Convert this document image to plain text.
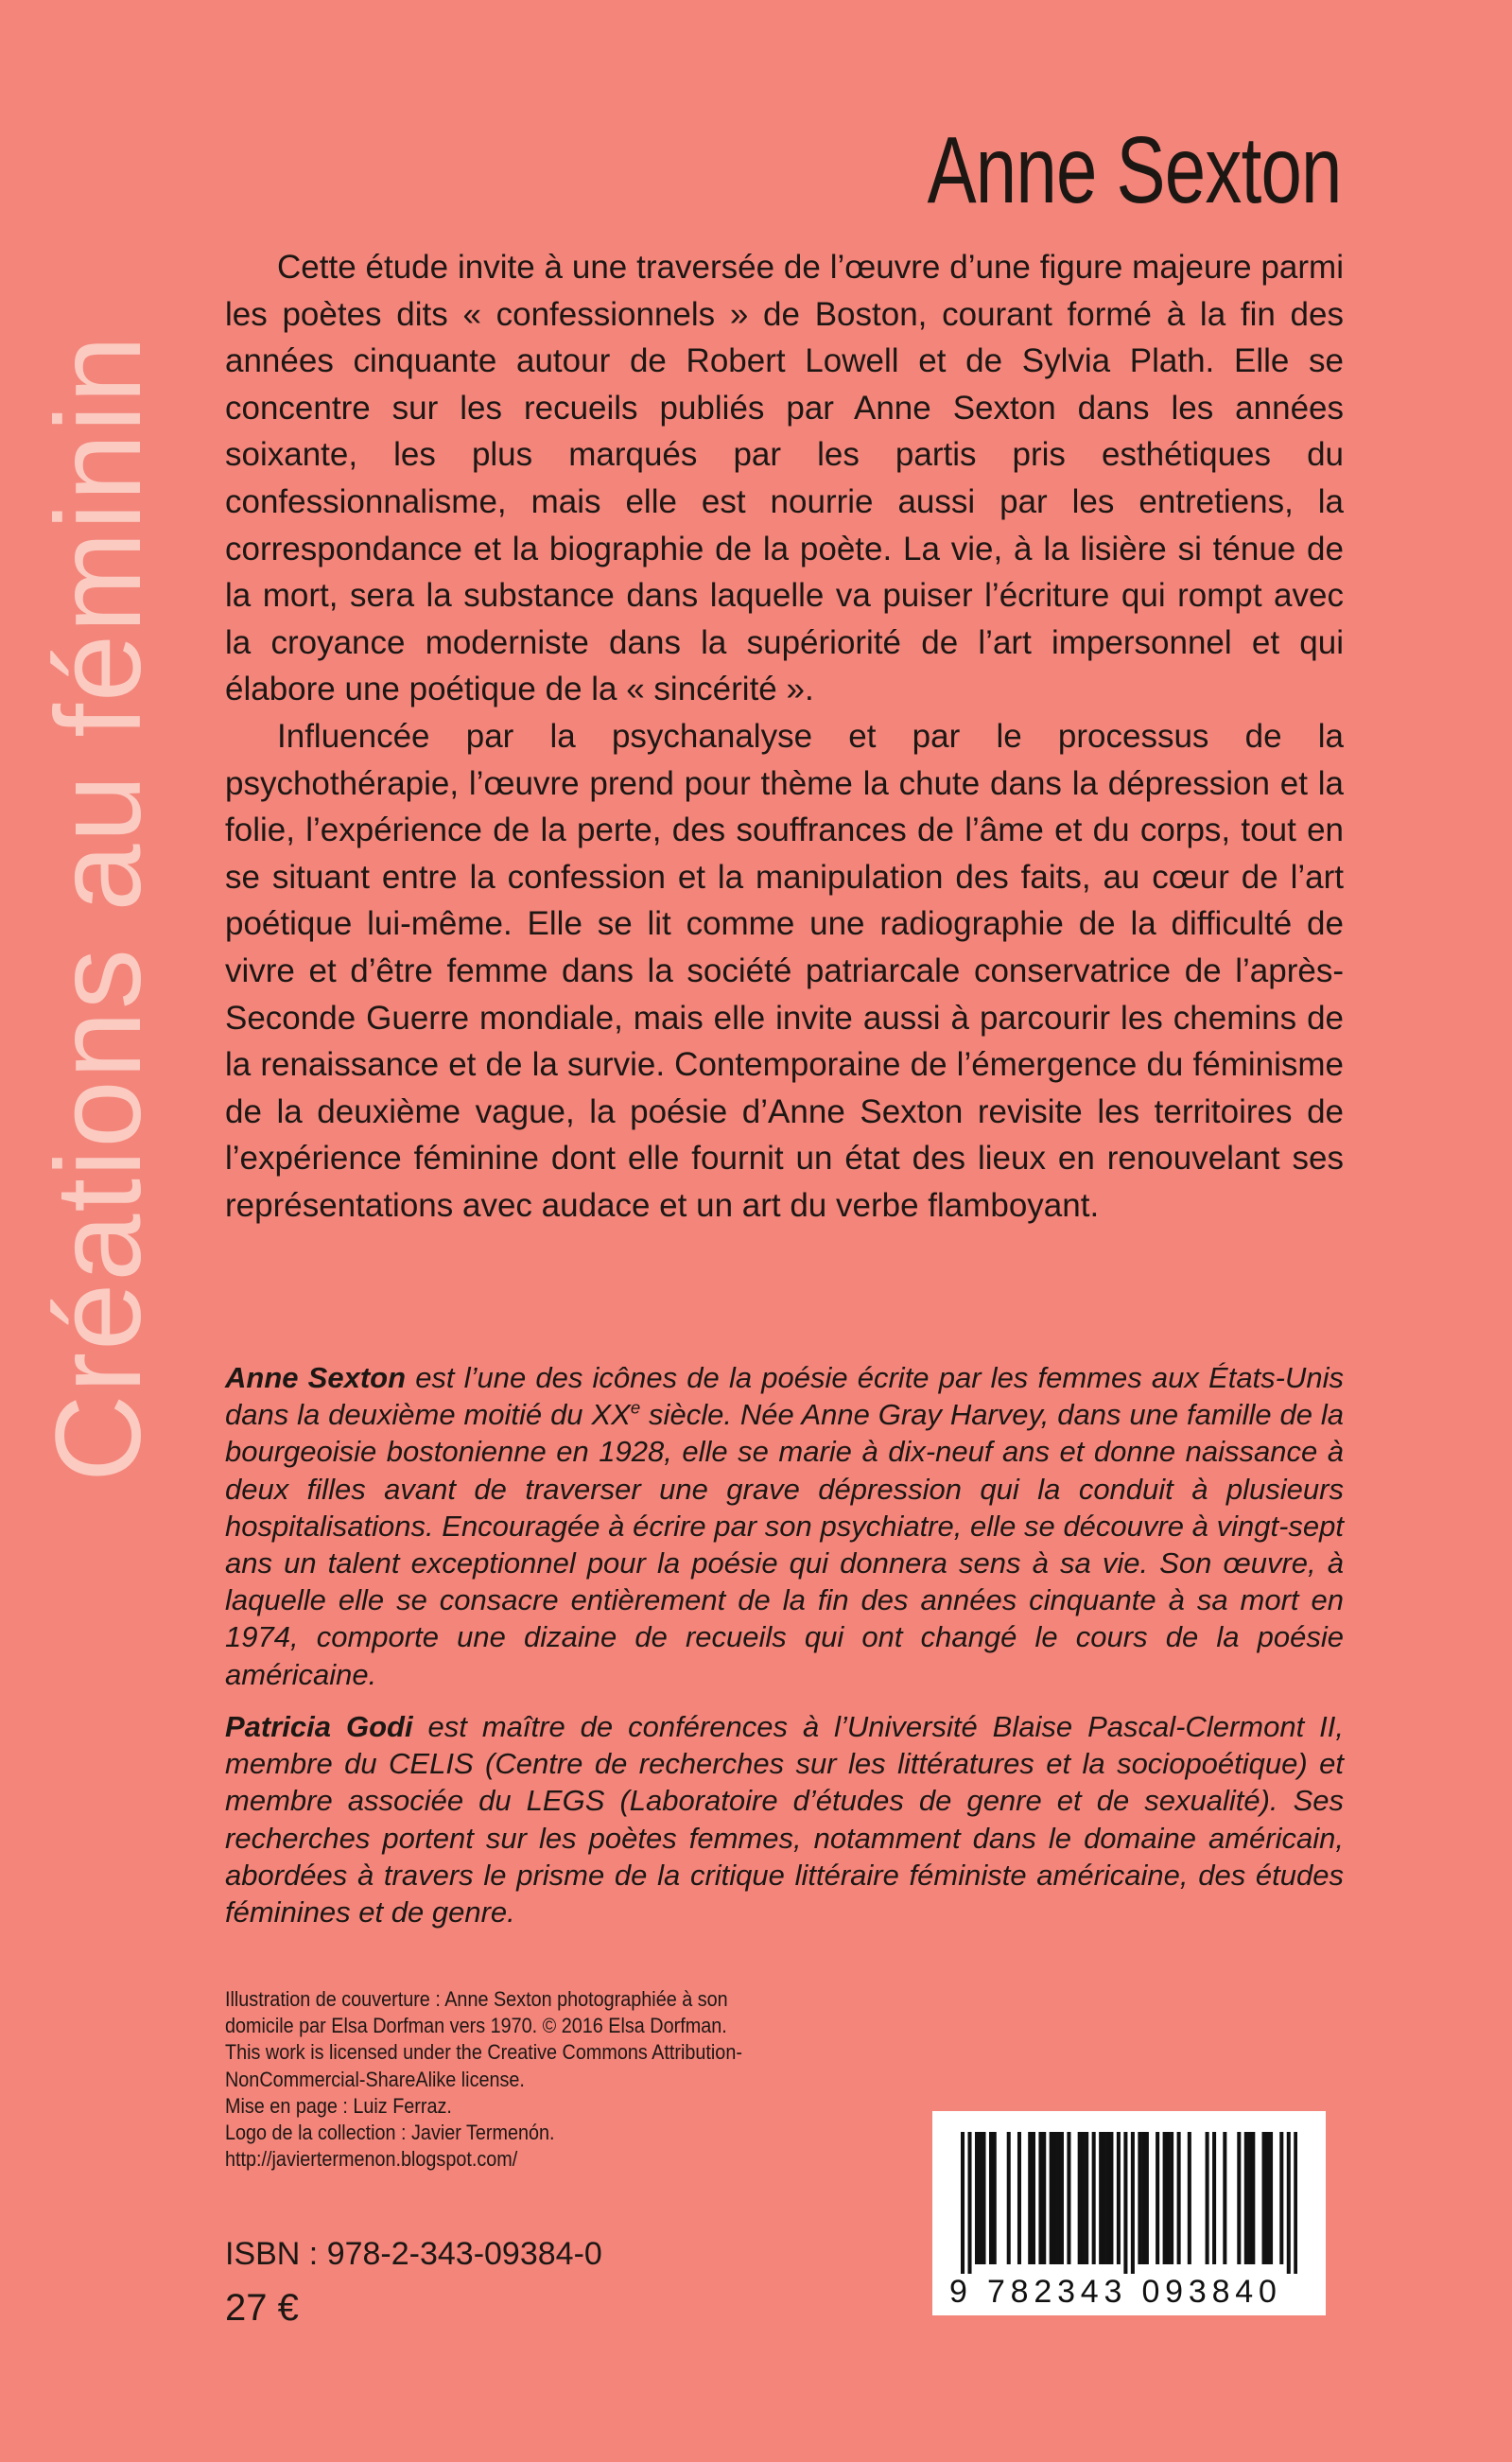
Créations au féminin
Anne Sexton

Cette étude invite à une traversée de l’œuvre d’une figure majeure parmi les poètes dits « confessionnels » de Boston, courant formé à la fin des années cinquante autour de Robert Lowell et de Sylvia Plath. Elle se concentre sur les recueils publiés par Anne Sexton dans les années soixante, les plus marqués par les partis pris esthétiques du confessionnalisme, mais elle est nourrie aussi par les entretiens, la correspondance et la biographie de la poète. La vie, à la lisière si ténue de la mort, sera la substance dans laquelle va puiser l’écriture qui rompt avec la croyance moderniste dans la supériorité de l’art impersonnel et qui élabore une poétique de la « sincérité ».

Influencée par la psychanalyse et par le processus de la psychothérapie, l’œuvre prend pour thème la chute dans la dépression et la folie, l’expérience de la perte, des souffrances de l’âme et du corps, tout en se situant entre la confession et la manipulation des faits, au cœur de l’art poétique lui-même. Elle se lit comme une radiographie de la difficulté de vivre et d’être femme dans la société patriarcale conservatrice de l’après-Seconde Guerre mondiale, mais elle invite aussi à parcourir les chemins de la renaissance et de la survie. Contemporaine de l’émergence du féminisme de la deuxième vague, la poésie d’Anne Sexton revisite les territoires de l’expérience féminine dont elle fournit un état des lieux en renouvelant ses représentations avec audace et un art du verbe flamboyant.

Anne Sexton est l’une des icônes de la poésie écrite par les femmes aux États-Unis dans la deuxième moitié du XXe siècle. Née Anne Gray Harvey, dans une famille de la bourgeoisie bostonienne en 1928, elle se marie à dix-neuf ans et donne naissance à deux filles avant de traverser une grave dépression qui la conduit à plusieurs hospitalisations. Encouragée à écrire par son psychiatre, elle se découvre à vingt-sept ans un talent exceptionnel pour la poésie qui donnera sens à sa vie. Son œuvre, à laquelle elle se consacre entièrement de la fin des années cinquante à sa mort en 1974, comporte une dizaine de recueils qui ont changé le cours de la poésie américaine.

Patricia Godi est maître de conférences à l’Université Blaise Pascal-Clermont II, membre du CELIS (Centre de recherches sur les littératures et la sociopoétique) et membre associée du LEGS (Laboratoire d’études de genre et de sexualité). Ses recherches portent sur les poètes femmes, notamment dans le domaine américain, abordées à travers le prisme de la critique littéraire féministe américaine, des études féminines et de genre.

Illustration de couverture : Anne Sexton photographiée à son
domicile par Elsa Dorfman vers 1970. © 2016 Elsa Dorfman.
This work is licensed under the Creative Commons Attribution-
NonCommercial-ShareAlike license.
Mise en page : Luiz Ferraz.
Logo de la collection : Javier Termenón.
http://javiertermenon.blogspot.com/
ISBN : 978-2-343-09384-0
27 €	9 782343 093840
